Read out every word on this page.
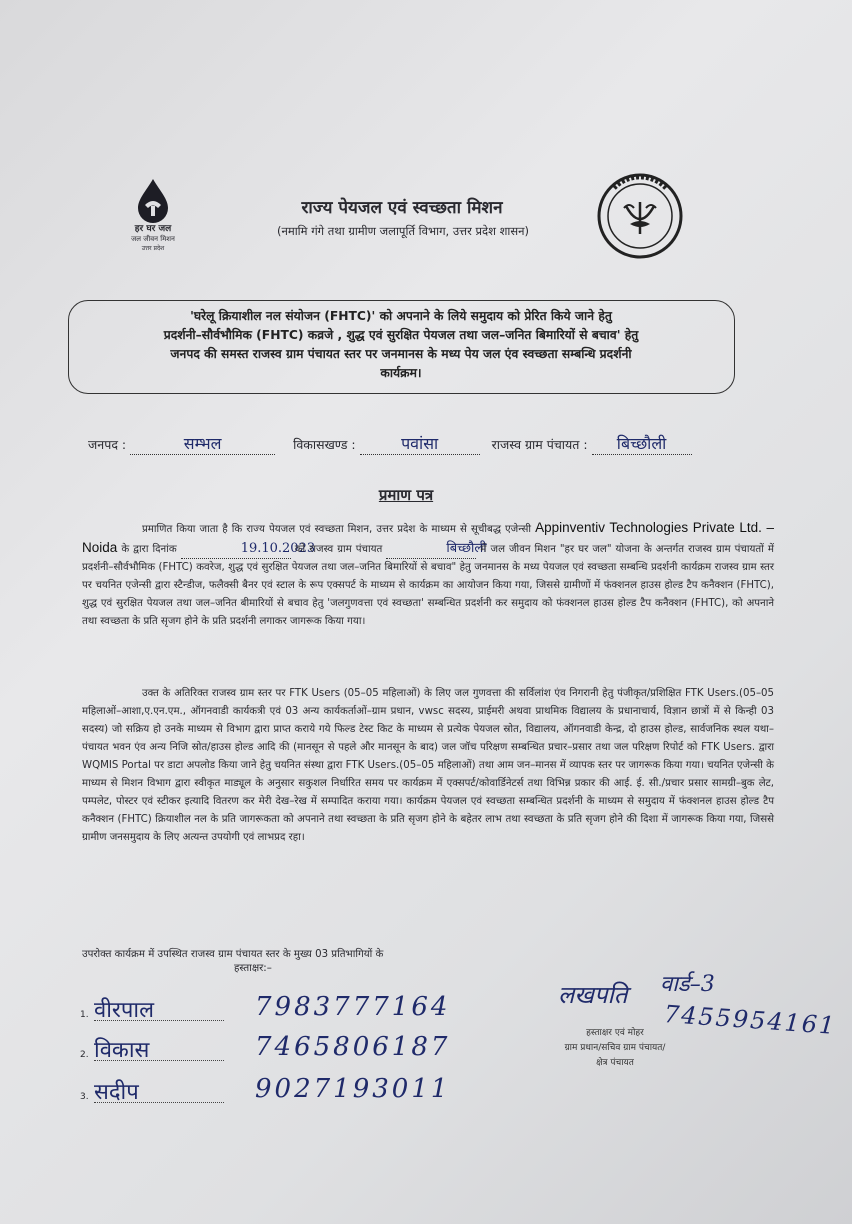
हर घर जल
जल जीवन मिशन
उत्तर प्रदेश
राज्य पेयजल एवं स्वच्छता मिशन
(नमामि गंगे तथा ग्रामीण जलापूर्ति विभाग, उत्तर प्रदेश शासन)
'घरेलू क्रियाशील नल संयोजन (FHTC)' को अपनाने के लिये समुदाय को प्रेरित किये जाने हेतु
प्रदर्शनी–सौर्वभौमिक (FHTC) कव्रजे , शुद्ध एवं सुरक्षित पेयजल तथा जल–जनित बिमारियों से बचाव' हेतु
जनपद की समस्त राजस्व ग्राम पंचायत स्तर पर जनमानस के मध्य पेय जल एंव स्वच्छता सम्बन्धि प्रदर्शनी
कार्यक्रम।
जनपद :	सम्भल	विकासखण्ड :	पवांसा	राजस्व ग्राम पंचायत : बिच्छौली
प्रमाण पत्र
प्रमाणित किया जाता है कि राज्य पेयजल एवं स्वच्छता मिशन, उत्तर प्रदेश के माध्यम से सूचीबद्ध एजेन्सी Appinventiv Technologies Private Ltd. – Noida के द्वारा दिनांक	19.10.2023 को राजस्व ग्राम पंचायत	बिच्छौली में जल जीवन मिशन "हर घर जल" योजना के अन्तर्गत राजस्व ग्राम पंचायतों में प्रदर्शनी–सौर्वभौमिक (FHTC) कवरेज, शुद्ध एवं सुरक्षित पेयजल तथा जल–जनित बिमारियों से बचाव" हेतु जनमानस के मध्य पेयजल एवं स्वच्छता सम्बन्धि प्रदर्शनी कार्यक्रम राजस्व ग्राम स्तर पर चयनित एजेन्सी द्वारा स्टैन्डीज, फलैक्सी बैनर एवं स्टाल के रूप एक्सपर्ट के माध्यम से कार्यक्रम का आयोजन किया गया, जिससे ग्रामीणों में फंक्शनल हाउस होल्ड टैप कनैक्शन (FHTC), शुद्ध एवं सुरक्षित पेयजल तथा जल–जनित बीमारियों से बचाव हेतु 'जलगुणवत्ता एवं स्वच्छता' सम्बन्धित प्रदर्शनी कर समुदाय को फंक्शनल हाउस होल्ड टैप कनैक्शन (FHTC), को अपनाने तथा स्वच्छता के प्रति सृजग होने के प्रति प्रदर्शनी लगाकर जागरूक किया गया।
उक्त के अतिरिक्त राजस्व ग्राम स्तर पर FTK Users (05–05 महिलाओं) के लिए जल गुणवत्ता की सर्विलांश एंव निगरानी हेतु पंजीकृत/प्रशिक्षित FTK Users.(05–05 महिलाओं–आशा,ए.एन.एम., ऑगनवाडी कार्यकत्री एवं 03 अन्य कार्यकर्ताओं–ग्राम प्रधान, vwsc सदस्य, प्राईमरी अथवा प्राथमिक विद्यालय के प्रधानाचार्य, विज्ञान छात्रों में से किन्ही 03 सदस्य) जो सक्रिय हो उनके माध्यम से विभाग द्वारा प्राप्त कराये गये फिल्ड टेस्ट किट के माध्यम से प्रत्येक पेयजल स्रोत, विद्यालय, ऑगनवाडी केन्द्र, दो हाउस होल्ड, सार्वजनिक स्थल यथा–पंचायत भवन एंव अन्य निजि स्रोत/हाउस होल्ड आदि की (मानसून से पहले और मानसून के बाद) जल जॉच परिक्षण सम्बन्धित प्रचार–प्रसार तथा जल परिक्षण रिपोर्ट को FTK Users. द्वारा WQMIS Portal पर डाटा अपलोड किया जाने हेतु चयनित संस्था द्वारा FTK Users.(05–05 महिलाओं) तथा आम जन–मानस में व्यापक स्तर पर जागरूक किया गया। चयनित एजेन्सी के माध्यम से मिशन विभाग द्वारा स्वीकृत माड्यूल के अनुसार सकुशल निर्धारित समय पर कार्यक्रम में एक्सपर्ट/कोवार्डिनेटर्स तथा विभिन्न प्रकार की आई. ई. सी./प्रचार प्रसार सामग्री–बुक लेट, पम्पलेट, पोस्टर एवं स्टीकर इत्यादि वितरण कर मेरी देख–रेख में सम्पादित कराया गया। कार्यक्रम पेयजल एवं स्वच्छता सम्बन्धित प्रदर्शनी के माध्यम से समुदाय में फंक्शनल हाउस होल्ड टैप कनैक्शन (FHTC) क्रियाशील नल के प्रति जागरूकता को अपनाने तथा स्वच्छता के प्रति सृजग होने के बहेतर लाभ तथा स्वच्छता के प्रति सृजग होने की दिशा में जागरूक किया गया, जिससे ग्रामीण जनसमुदाय के लिए अत्यन्त उपयोगी एवं लाभप्रद रहा।
उपरोक्त कार्यक्रम में उपस्थित राजस्व ग्राम पंचायत स्तर के मुख्य 03 प्रतिभागियों के
हस्ताक्षर:–
1. वीरपाल	7983777164
2. विकास	7465806187
3. सदीप	9027193011
लखपति वार्ड–3
7455954161
हस्ताक्षर एवं मोहर
ग्राम प्रधान/सचिव ग्राम पंचायत/
क्षेत्र पंचायत
